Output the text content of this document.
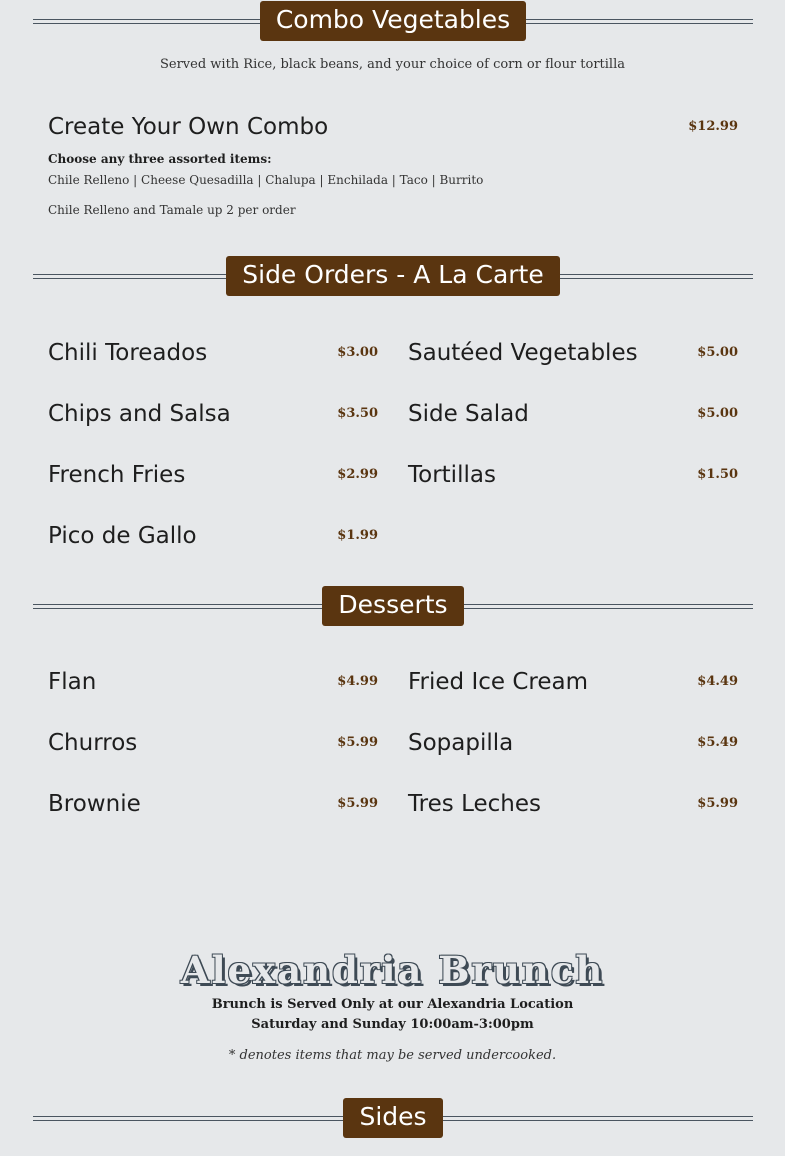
Combo Vegetables
Served with Rice, black beans, and your choice of corn or flour tortilla
Create Your Own Combo	$12.99
Choose any three assorted items:
Chile Relleno | Cheese Quesadilla | Chalupa | Enchilada | Taco | Burrito
Chile Relleno and Tamale up 2 per order
Side Orders - A La Carte
Chili Toreados	$3.00 Sautéed Vegetables	$5.00
Chips and Salsa	$3.50 Side Salad	$5.00
French Fries	$2.99 Tortillas	$1.50
Pico de Gallo	$1.99
Desserts
Flan	$4.99 Fried Ice Cream	$4.49
Churros	$5.99 Sopapilla	$5.49
Brownie	$5.99 Tres Leches	$5.99
Alexandria Brunch
Brunch is Served Only at our Alexandria Location
Saturday and Sunday 10:00am-3:00pm
* denotes items that may be served undercooked.
Sides
